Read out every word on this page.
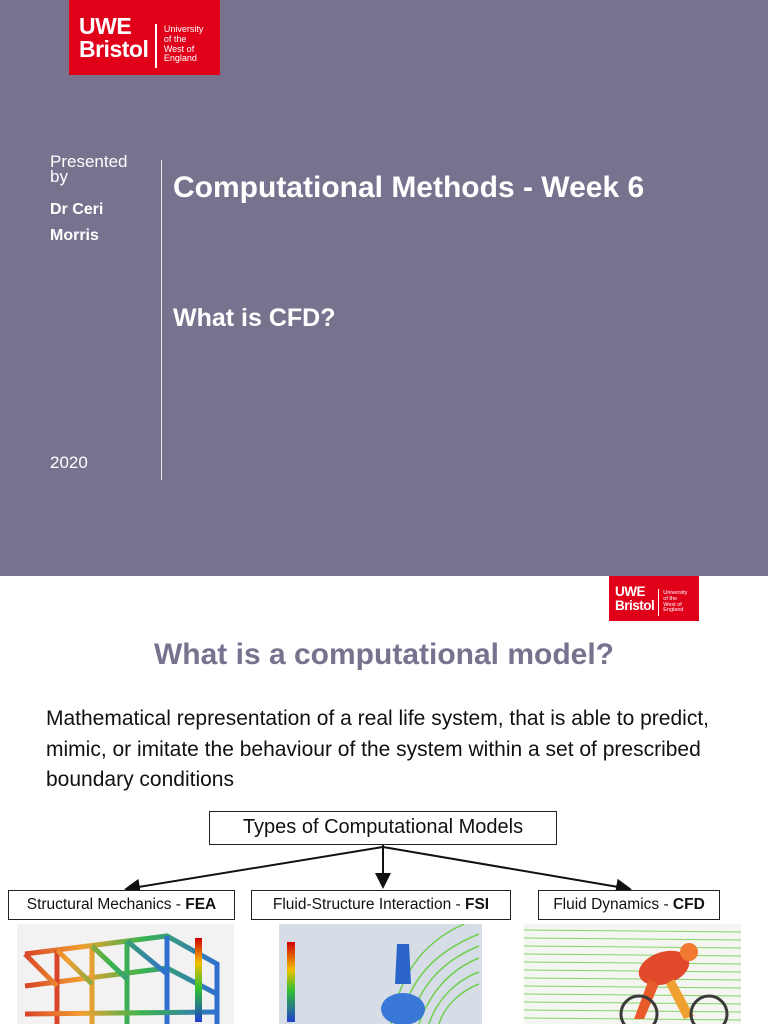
UWE
Bristol
University
of the
West of
England
Presented by
Dr Ceri Morris
2020
Computational Methods - Week 6
What is CFD?
UWE
Bristol
University
of the
West of
England
What is a computational model?
Mathematical representation of a real life system, that is able to predict, mimic, or imitate the behaviour of the system within a set of prescribed boundary conditions
Types of Computational Models
Structural Mechanics - FEA	Fluid-Structure Interaction - FSI	Fluid Dynamics - CFD
